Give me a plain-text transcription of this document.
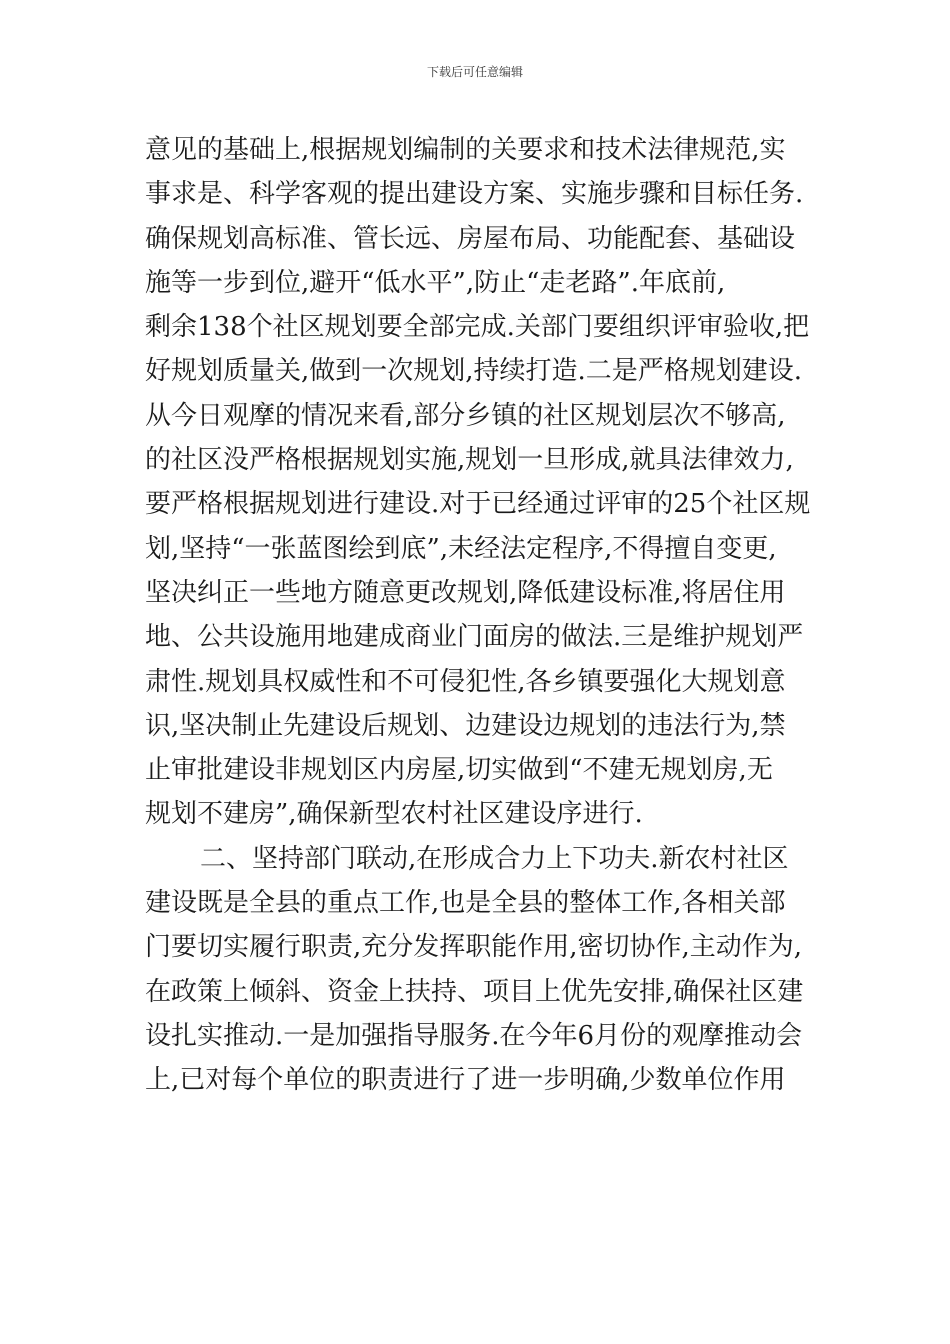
下载后可任意编辑
意见的基础上,根据规划编制的关要求和技术法律规范,实
事求是、科学客观的提出建设方案、实施步骤和目标任务.
确保规划高标准、管长远、房屋布局、功能配套、基础设
施等一步到位,避开“低水平”,防止“走老路”.年底前,
剩余138个社区规划要全部完成.关部门要组织评审验收,把
好规划质量关,做到一次规划,持续打造.二是严格规划建设.
从今日观摩的情况来看,部分乡镇的社区规划层次不够高,
的社区没严格根据规划实施,规划一旦形成,就具法律效力,
要严格根据规划进行建设.对于已经通过评审的25个社区规
划,坚持“一张蓝图绘到底”,未经法定程序,不得擅自变更,
坚决纠正一些地方随意更改规划,降低建设标准,将居住用
地、公共设施用地建成商业门面房的做法.三是维护规划严
肃性.规划具权威性和不可侵犯性,各乡镇要强化大规划意
识,坚决制止先建设后规划、边建设边规划的违法行为,禁
止审批建设非规划区内房屋,切实做到“不建无规划房,无
规划不建房”,确保新型农村社区建设序进行.
二、坚持部门联动,在形成合力上下功夫.新农村社区
建设既是全县的重点工作,也是全县的整体工作,各相关部
门要切实履行职责,充分发挥职能作用,密切协作,主动作为,
在政策上倾斜、资金上扶持、项目上优先安排,确保社区建
设扎实推动.一是加强指导服务.在今年6月份的观摩推动会
上,已对每个单位的职责进行了进一步明确,少数单位作用
